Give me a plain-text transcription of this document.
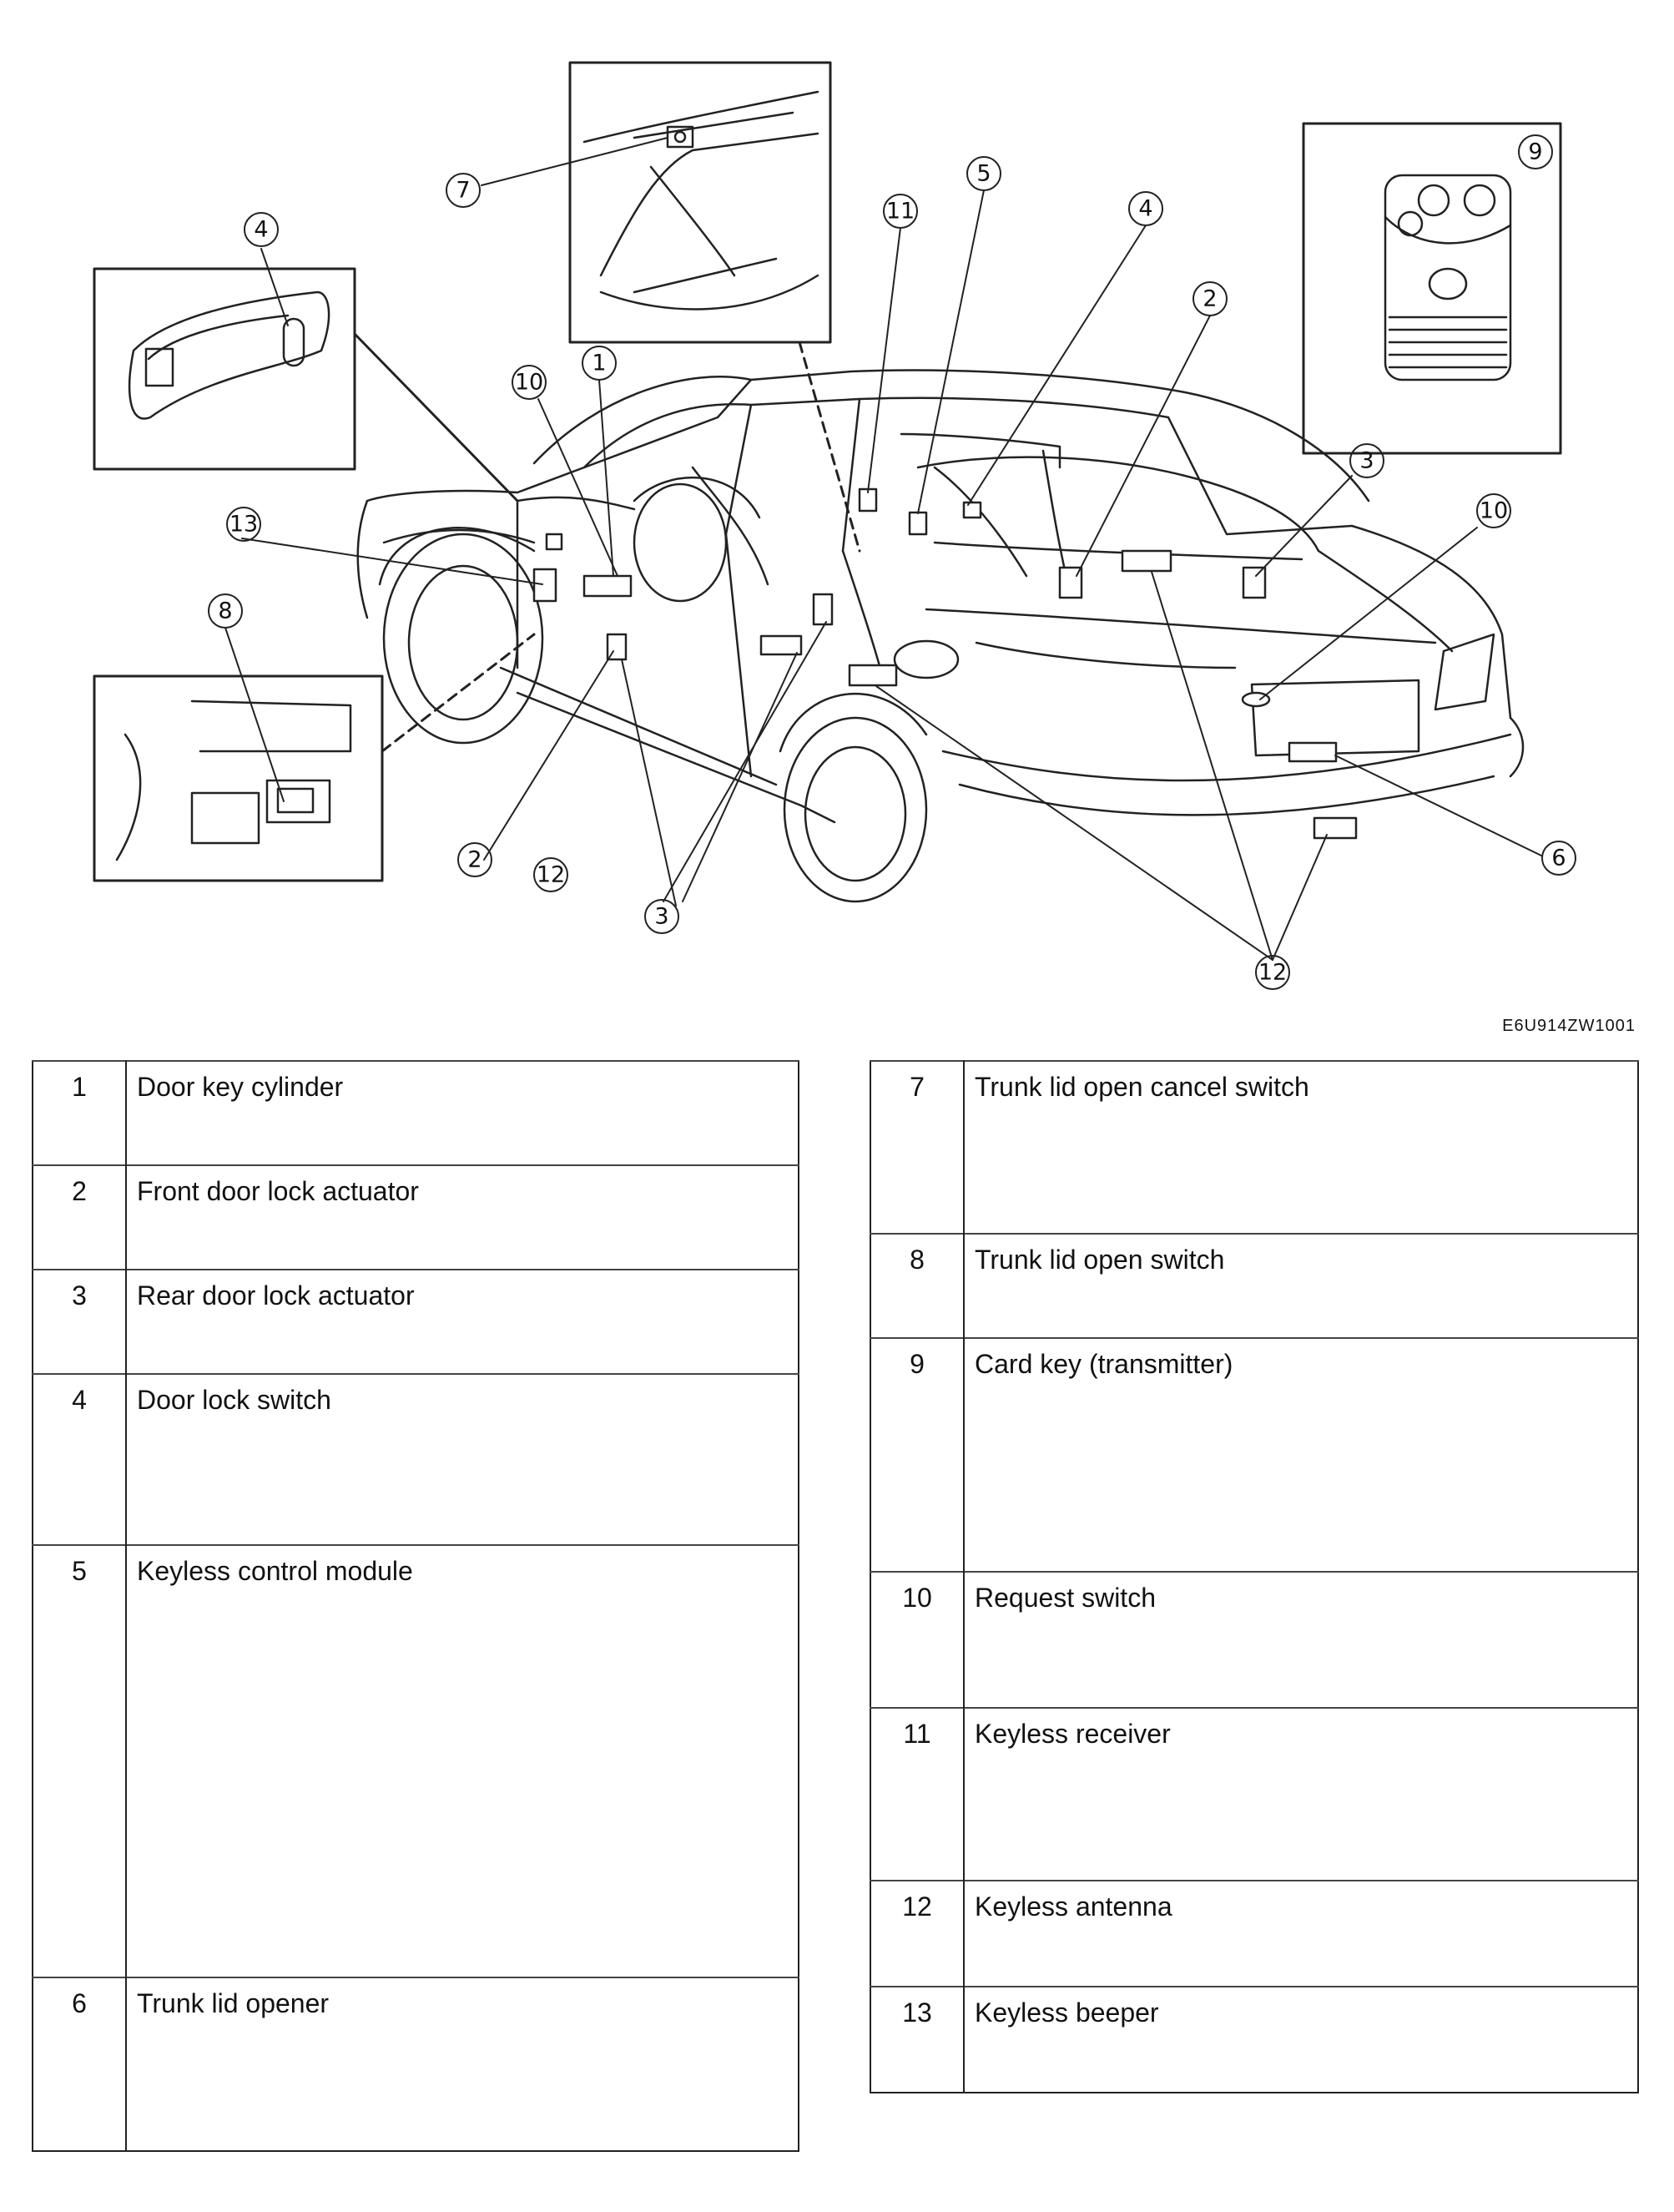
4
7
8
9
10
1
11
5
4
2
3
10
13
6
2
12
3
12
E6U914ZW1001
1	Door key cylinder
2	Front door lock actuator
3	Rear door lock actuator
4	Door lock switch
5	Keyless control module
6	Trunk lid opener
7	Trunk lid open cancel switch
8	Trunk lid open switch
9	Card key (transmitter)
10	Request switch
11	Keyless receiver
12	Keyless antenna
13	Keyless beeper
